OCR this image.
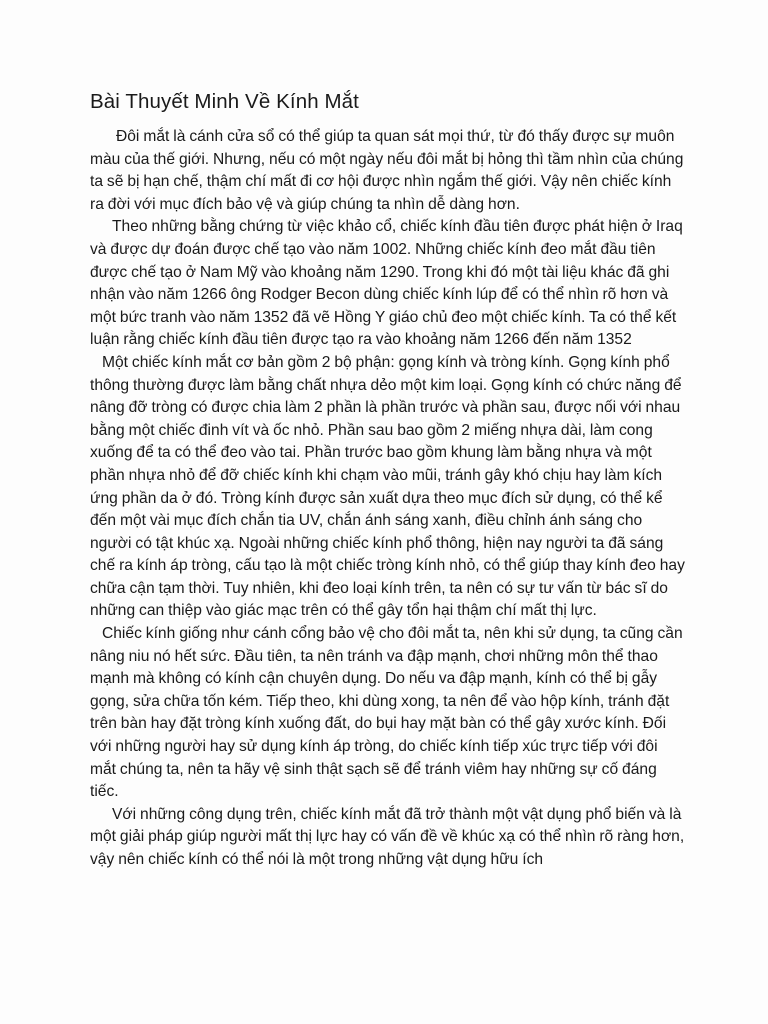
Bài Thuyết Minh Về Kính Mắt

Đôi mắt là cánh cửa sổ có thể giúp ta quan sát mọi thứ, từ đó thấy được sự muôn màu của thế giới. Nhưng, nếu có một ngày nếu đôi mắt bị hỏng thì tầm nhìn của chúng ta sẽ bị hạn chế, thậm chí mất đi cơ hội được nhìn ngắm thế giới. Vậy nên chiếc kính ra đời với mục đích bảo vệ và giúp chúng ta nhìn dễ dàng hơn.

Theo những bằng chứng từ việc khảo cổ, chiếc kính đầu tiên được phát hiện ở Iraq và được dự đoán được chế tạo vào năm 1002. Những chiếc kính đeo mắt đầu tiên được chế tạo ở Nam Mỹ vào khoảng năm 1290. Trong khi đó một tài liệu khác đã ghi nhận vào năm 1266 ông Rodger Becon dùng chiếc kính lúp để có thể nhìn rõ hơn và một bức tranh vào năm 1352 đã vẽ Hồng Y giáo chủ đeo một chiếc kính. Ta có thể kết luận rằng chiếc kính đầu tiên được tạo ra vào khoảng năm 1266 đến năm 1352

Một chiếc kính mắt cơ bản gồm 2 bộ phận: gọng kính và tròng kính. Gọng kính phổ thông thường được làm bằng chất nhựa dẻo một kim loại. Gọng kính có chức năng để nâng đỡ tròng có được chia làm 2 phần là phần trước và phần sau, được nối với nhau bằng một chiếc đinh vít và ốc nhỏ. Phần sau bao gồm 2 miếng nhựa dài, làm cong xuống để ta có thể đeo vào tai. Phần trước bao gồm khung làm bằng nhựa và một phần nhựa nhỏ để đỡ chiếc kính khi chạm vào mũi, tránh gây khó chịu hay làm kích ứng phần da ở đó. Tròng kính được sản xuất dựa theo mục đích sử dụng, có thể kể đến một vài mục đích chắn tia UV, chắn ánh sáng xanh, điều chỉnh ánh sáng cho người có tật khúc xạ. Ngoài những chiếc kính phổ thông, hiện nay người ta đã sáng chế ra kính áp tròng, cấu tạo là một chiếc tròng kính nhỏ, có thể giúp thay kính đeo hay chữa cận tạm thời. Tuy nhiên, khi đeo loại kính trên, ta nên có sự tư vấn từ bác sĩ do những can thiệp vào giác mạc trên có thể gây tổn hại thậm chí mất thị lực.

Chiếc kính giống như cánh cổng bảo vệ cho đôi mắt ta, nên khi sử dụng, ta cũng cần nâng niu nó hết sức. Đầu tiên, ta nên tránh va đập mạnh, chơi những môn thể thao mạnh mà không có kính cận chuyên dụng. Do nếu va đập mạnh, kính có thể bị gẫy gọng, sửa chữa tốn kém. Tiếp theo, khi dùng xong, ta nên để vào hộp kính, tránh đặt trên bàn hay đặt tròng kính xuống đất, do bụi hay mặt bàn có thể gây xước kính. Đối với những người hay sử dụng kính áp tròng, do chiếc kính tiếp xúc trực tiếp với đôi mắt chúng ta, nên ta hãy vệ sinh thật sạch sẽ để tránh viêm hay những sự cố đáng tiếc.

Với những công dụng trên, chiếc kính mắt đã trở thành một vật dụng phổ biến và là một giải pháp giúp người mất thị lực hay có vấn đề về khúc xạ có thể nhìn rõ ràng hơn, vậy nên chiếc kính có thể nói là một trong những vật dụng hữu ích
